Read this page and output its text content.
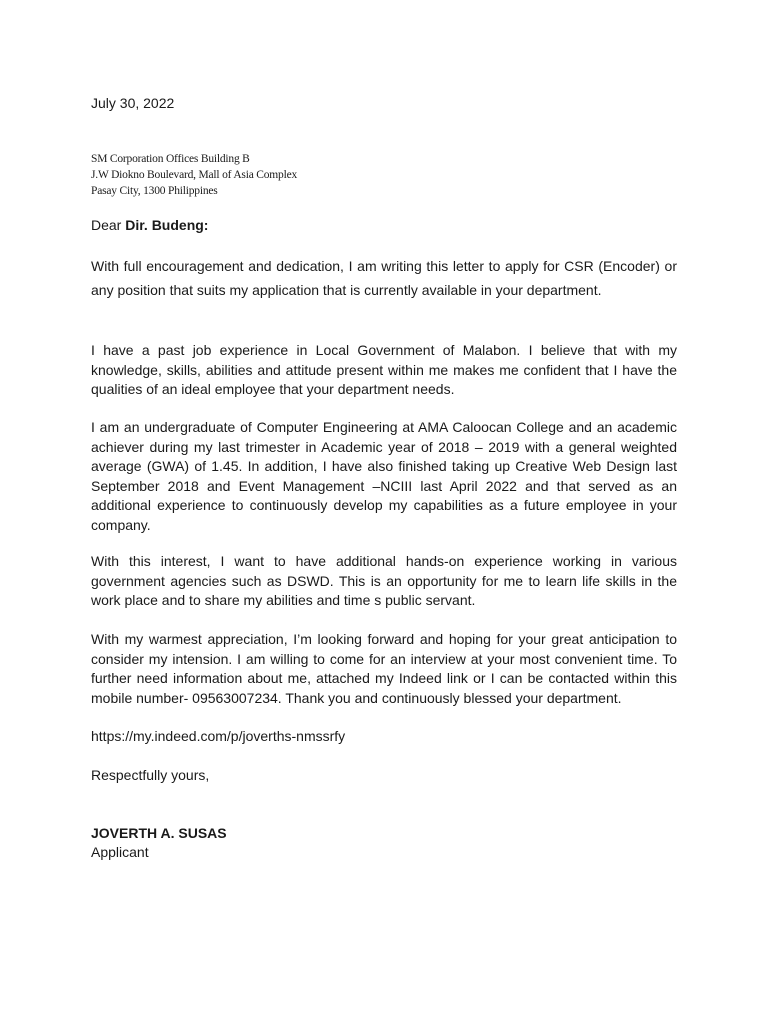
July 30, 2022
SM Corporation Offices Building B
J.W Diokno Boulevard, Mall of Asia Complex
Pasay City, 1300 Philippines
Dear Dir. Budeng:
With full encouragement and dedication, I am writing this letter to apply for CSR (Encoder) or any position that suits my application that is currently available in your department.
I have a past job experience in Local Government of Malabon. I believe that with my knowledge, skills, abilities and attitude present within me makes me confident that I have the qualities of an ideal employee that your department needs.
I am an undergraduate of Computer Engineering at AMA Caloocan College and an academic achiever during my last trimester in Academic year of 2018 – 2019 with a general weighted average (GWA) of 1.45. In addition, I have also finished taking up Creative Web Design last September 2018 and Event Management –NCIII last April 2022 and that served as an additional experience to continuously develop my capabilities as a future employee in your company.
With this interest, I want to have additional hands-on experience working in various government agencies such as DSWD. This is an opportunity for me to learn life skills in the work place and to share my abilities and time s public servant.
With my warmest appreciation, I’m looking forward and hoping for your great anticipation to consider my intension. I am willing to come for an interview at your most convenient time. To further need information about me, attached my Indeed link or I can be contacted within this mobile number- 09563007234. Thank you and continuously blessed your department.
https://my.indeed.com/p/joverths-nmssrfy
Respectfully yours,
JOVERTH A. SUSAS
Applicant
